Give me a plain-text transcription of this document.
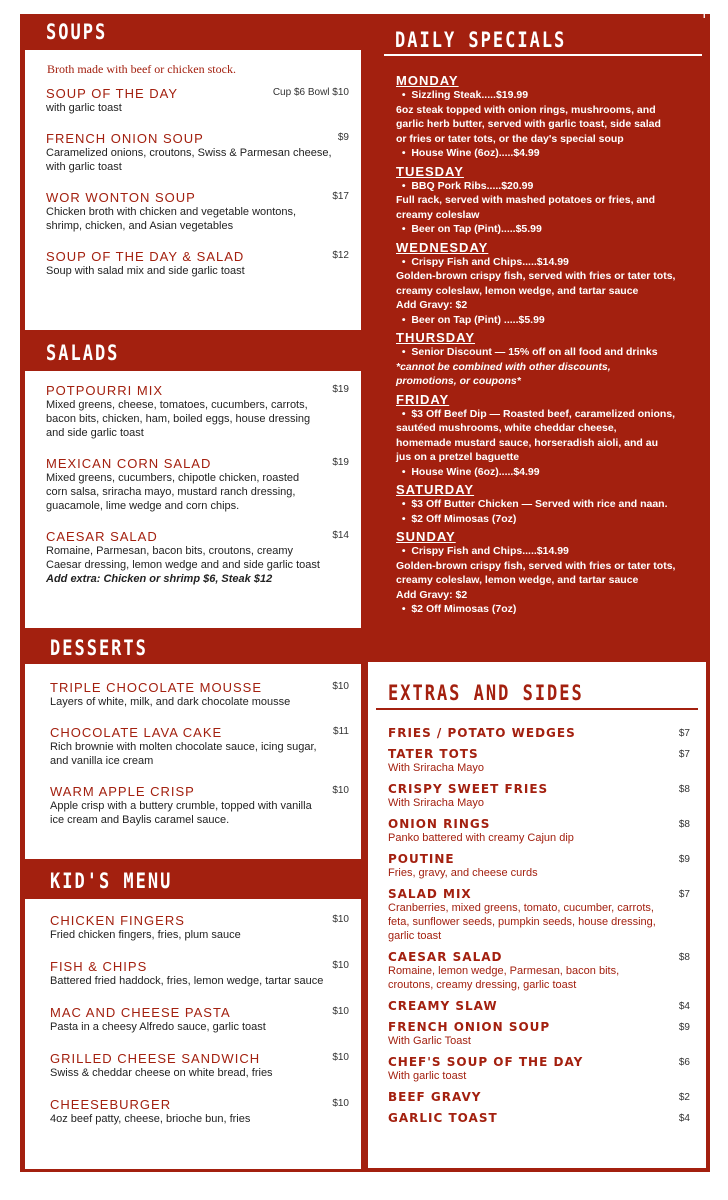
SOUPS
Broth made with beef or chicken stock.
SOUP OF THE DAY	Cup $6 Bowl $10
with garlic toast
FRENCH ONION SOUP	$9
Caramelized onions, croutons, Swiss & Parmesan cheese,
with garlic toast
WOR WONTON SOUP	$17
Chicken broth with chicken and vegetable wontons,
shrimp, chicken, and Asian vegetables
SOUP OF THE DAY & SALAD	$12
Soup with salad mix and side garlic toast
SALADS
POTPOURRI MIX	$19
Mixed greens, cheese, tomatoes, cucumbers, carrots,
bacon bits, chicken, ham, boiled eggs, house dressing
and side garlic toast
MEXICAN CORN SALAD	$19
Mixed greens, cucumbers, chipotle chicken, roasted
corn salsa, sriracha mayo, mustard ranch dressing,
guacamole, lime wedge and corn chips.
CAESAR SALAD	$14
Romaine, Parmesan, bacon bits, croutons, creamy
Caesar dressing, lemon wedge and and side garlic toast
Add extra: Chicken or shrimp $6, Steak $12
DESSERTS
TRIPLE CHOCOLATE MOUSSE	$10
Layers of white, milk, and dark chocolate mousse
CHOCOLATE LAVA CAKE	$11
Rich brownie with molten chocolate sauce, icing sugar,
and vanilla ice cream
WARM APPLE CRISP	$10
Apple crisp with a buttery crumble, topped with vanilla
ice cream and Baylis caramel sauce.
KID'S MENU
CHICKEN FINGERS	$10
Fried chicken fingers, fries, plum sauce
FISH & CHIPS	$10
Battered fried haddock, fries, lemon wedge, tartar sauce
MAC AND CHEESE PASTA	$10
Pasta in a cheesy Alfredo sauce, garlic toast
GRILLED CHEESE SANDWICH	$10
Swiss & cheddar cheese on white bread, fries
CHEESEBURGER	$10
4oz beef patty, cheese, brioche bun, fries
DAILY SPECIALS
I
MONDAY
•  Sizzling Steak.....$19.99
6oz steak topped with onion rings, mushrooms, and
garlic herb butter, served with garlic toast, side salad
or fries or tater tots, or the day's special soup
•  House Wine (6oz).....$4.99
TUESDAY
•  BBQ Pork Ribs.....$20.99
Full rack, served with mashed potatoes or fries, and
creamy coleslaw
•  Beer on Tap (Pint).....$5.99
WEDNESDAY
•  Crispy Fish and Chips.....$14.99
Golden-brown crispy fish, served with fries or tater tots,
creamy coleslaw, lemon wedge, and tartar sauce
Add Gravy: $2
•  Beer on Tap (Pint) .....$5.99
THURSDAY
•  Senior Discount — 15% off on all food and drinks
*cannot be combined with other discounts,
promotions, or coupons*
FRIDAY
•  $3 Off Beef Dip — Roasted beef, caramelized onions,
sautéed mushrooms, white cheddar cheese,
homemade mustard sauce, horseradish aioli, and au
jus on a pretzel baguette
•  House Wine (6oz).....$4.99
SATURDAY
•  $3 Off Butter Chicken — Served with rice and naan.
•  $2 Off Mimosas (7oz)
SUNDAY
•  Crispy Fish and Chips.....$14.99
Golden-brown crispy fish, served with fries or tater tots,
creamy coleslaw, lemon wedge, and tartar sauce
Add Gravy: $2
•  $2 Off Mimosas (7oz)
EXTRAS AND SIDES
FRIES / POTATO WEDGES	$7
TATER TOTS	$7
With Sriracha Mayo
CRISPY SWEET FRIES	$8
With Sriracha Mayo
ONION RINGS	$8
Panko battered with creamy Cajun dip
POUTINE	$9
Fries, gravy, and cheese curds
SALAD MIX	$7
Cranberries, mixed greens, tomato, cucumber, carrots,
feta, sunflower seeds, pumpkin seeds, house dressing,
garlic toast
CAESAR SALAD	$8
Romaine, lemon wedge, Parmesan, bacon bits,
croutons, creamy dressing, garlic toast
CREAMY SLAW	$4
FRENCH ONION SOUP	$9
With Garlic Toast
CHEF'S SOUP OF THE DAY	$6
With garlic toast
BEEF GRAVY	$2
GARLIC TOAST	$4
